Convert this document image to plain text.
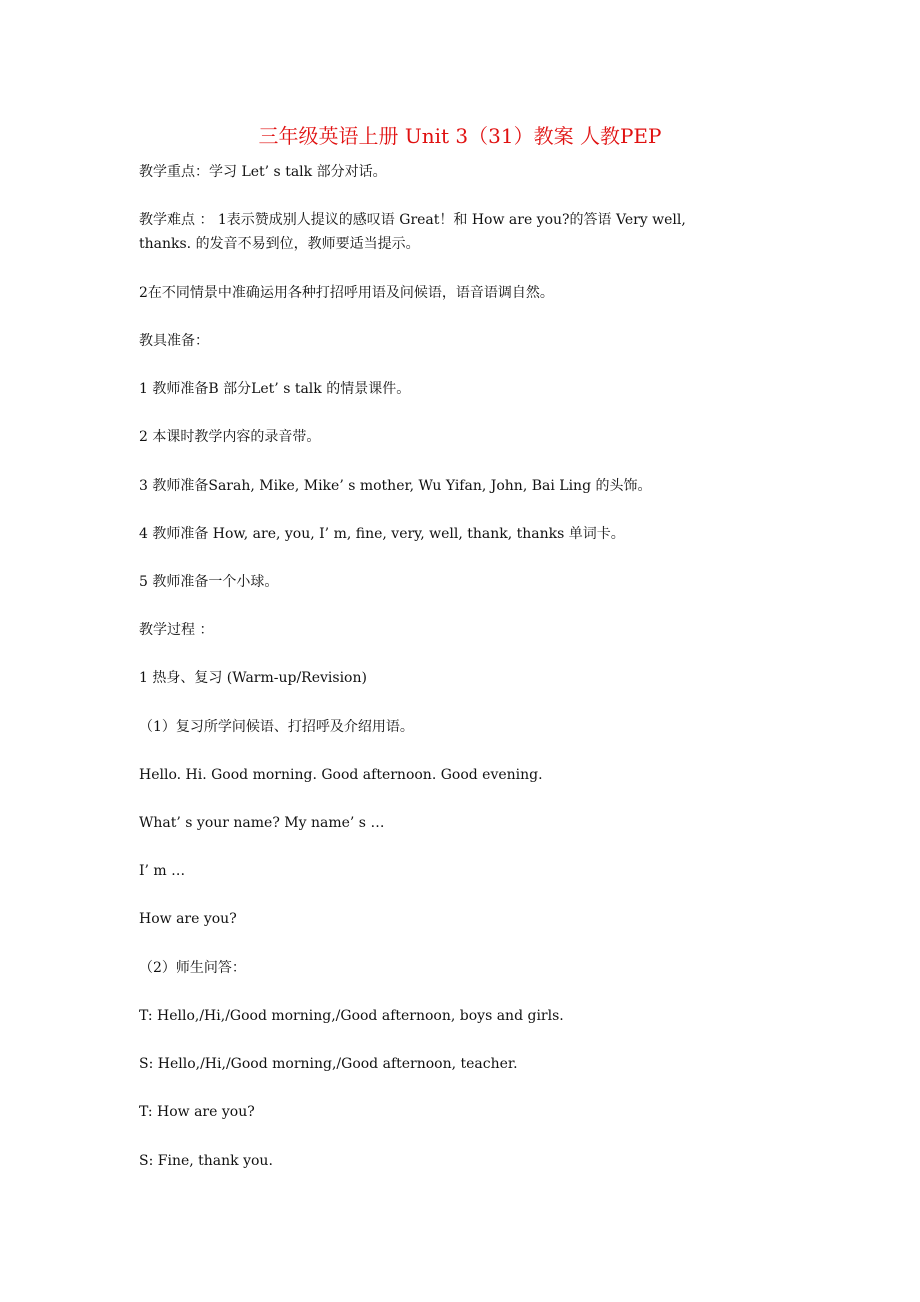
三年级英语上册 Unit 3（31）教案 人教PEP
教学重点：学习 Let’ s talk 部分对话。
教学难点 ： 1表示赞成别人提议的感叹语 Great！和 How are you?的答语 Very well,
thanks. 的发音不易到位，教师要适当提示。
2在不同情景中准确运用各种打招呼用语及问候语，语音语调自然。
教具准备：
1 教师准备B 部分Let’ s talk 的情景课件。
2 本课时教学内容的录音带。
3 教师准备Sarah, Mike, Mike’ s mother, Wu Yifan, John, Bai Ling 的头饰。
4 教师准备 How, are, you, I’ m, fine, very, well, thank, thanks 单词卡。
5 教师准备一个小球。
教学过程 ：
1 热身、复习 (Warm-up/Revision)
（1）复习所学问候语、打招呼及介绍用语。
Hello. Hi. Good morning. Good afternoon. Good evening.
What’ s your name? My name’ s …
I’ m …
How are you?
（2）师生问答：
T: Hello,/Hi,/Good morning,/Good afternoon, boys and girls.
S: Hello,/Hi,/Good morning,/Good afternoon, teacher.
T: How are you?
S: Fine, thank you.
